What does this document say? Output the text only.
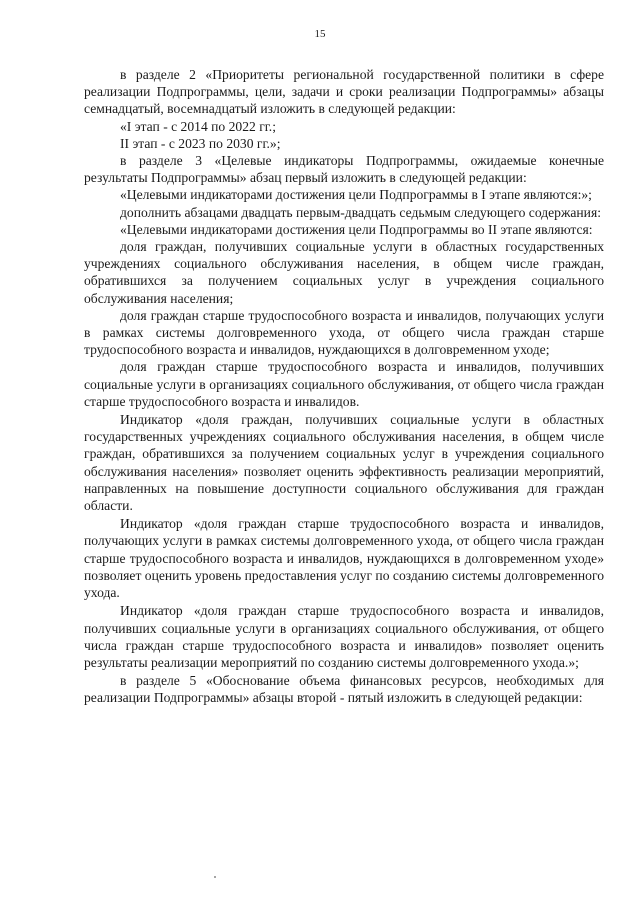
15

в разделе 2 «Приоритеты региональной государственной политики в сфере реализации Подпрограммы, цели, задачи и сроки реализации Подпрограммы» абзацы семнадцатый, восемнадцатый изложить в следующей редакции:

«I этап - с 2014 по 2022 гг.;

II этап - с 2023 по 2030 гг.»;

в разделе 3 «Целевые индикаторы Подпрограммы, ожидаемые конечные результаты Подпрограммы» абзац первый изложить в следующей редакции:

«Целевыми индикаторами достижения цели Подпрограммы в I этапе являются:»;

дополнить абзацами двадцать первым-двадцать седьмым следующего содержания:

«Целевыми индикаторами достижения цели Подпрограммы во II этапе являются:

доля граждан, получивших социальные услуги в областных государственных учреждениях социального обслуживания населения, в общем числе граждан, обратившихся за получением социальных услуг в учреждения социального обслуживания населения;

доля граждан старше трудоспособного возраста и инвалидов, получающих услуги в рамках системы долговременного ухода, от общего числа граждан старше трудоспособного возраста и инвалидов, нуждающихся в долговременном уходе;

доля граждан старше трудоспособного возраста и инвалидов, получивших социальные услуги в организациях социального обслуживания, от общего числа граждан старше трудоспособного возраста и инвалидов.

Индикатор «доля граждан, получивших социальные услуги в областных государственных учреждениях социального обслуживания населения, в общем числе граждан, обратившихся за получением социальных услуг в учреждения социального обслуживания населения» позволяет оценить эффективность реализации мероприятий, направленных на повышение доступности социального обслуживания для граждан области.

Индикатор «доля граждан старше трудоспособного возраста и инвалидов, получающих услуги в рамках системы долговременного ухода, от общего числа граждан старше трудоспособного возраста и инвалидов, нуждающихся в долговременном уходе» позволяет оценить уровень предоставления услуг по созданию системы долговременного ухода.

Индикатор «доля граждан старше трудоспособного возраста и инвалидов, получивших социальные услуги в организациях социального обслуживания, от общего числа граждан старше трудоспособного возраста и инвалидов» позволяет оценить результаты реализации мероприятий по созданию системы долговременного ухода.»;

в разделе 5 «Обоснование объема финансовых ресурсов, необходимых для реализации Подпрограммы» абзацы второй - пятый изложить в следующей редакции:
